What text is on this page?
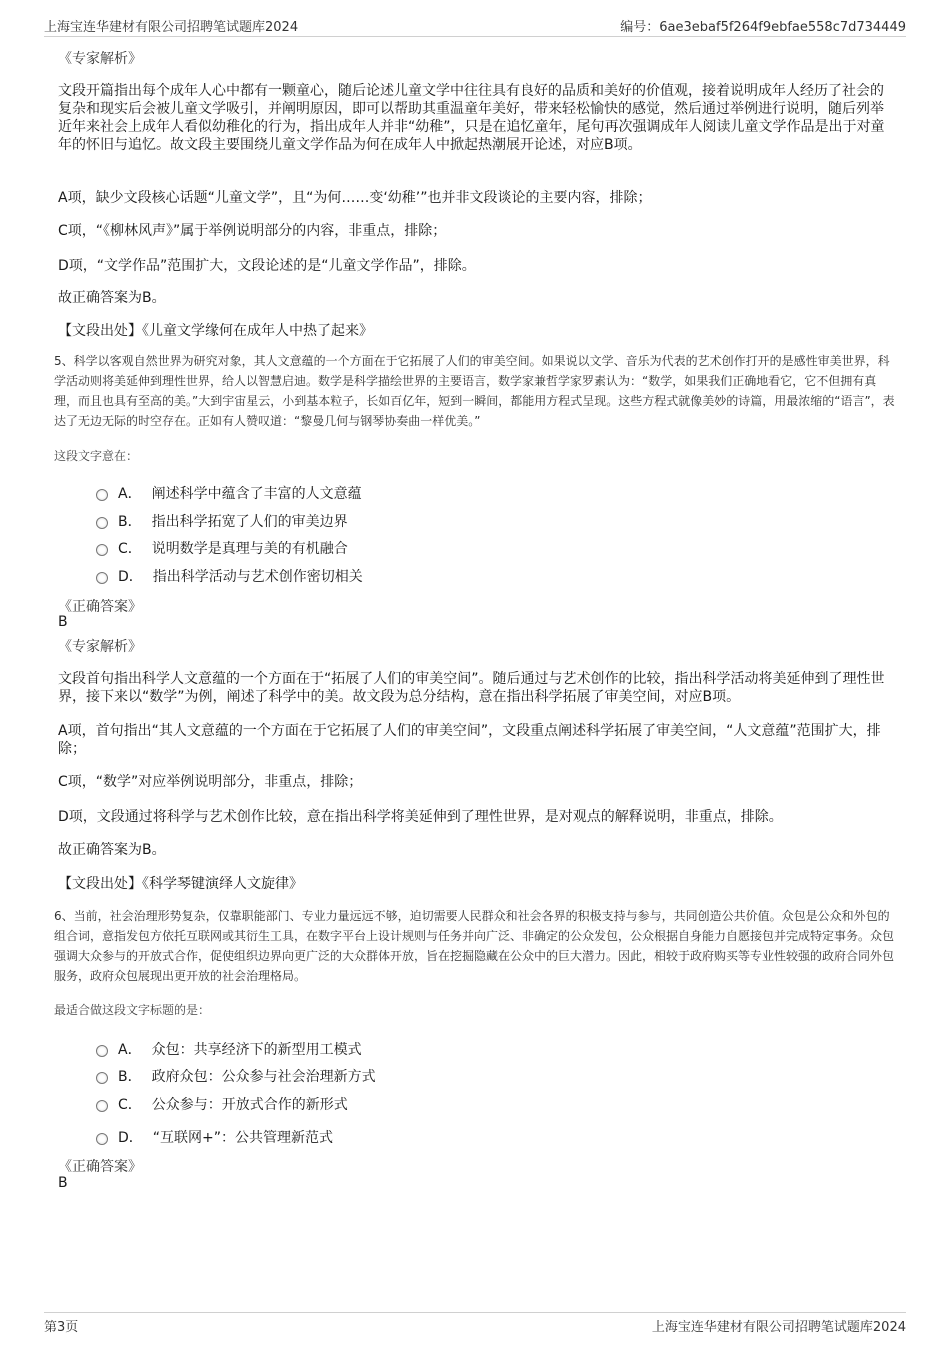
上海宝连华建材有限公司招聘笔试题库2024	编号：6ae3ebaf5f264f9ebfae558c7d734449
《专家解析》
文段开篇指出每个成年人心中都有一颗童心，随后论述儿童文学中往往具有良好的品质和美好的价值观，接着说明成年人经历了社会的复杂和现实后会被儿童文学吸引，并阐明原因，即可以帮助其重温童年美好，带来轻松愉快的感觉，然后通过举例进行说明，随后列举近年来社会上成年人看似幼稚化的行为，指出成年人并非“幼稚”，只是在追忆童年，尾句再次强调成年人阅读儿童文学作品是出于对童年的怀旧与追忆。故文段主要围绕儿童文学作品为何在成年人中掀起热潮展开论述，对应B项。
A项，缺少文段核心话题“儿童文学”，且“为何……变‘幼稚’”也并非文段谈论的主要内容，排除；
C项，“《柳林风声》”属于举例说明部分的内容，非重点，排除；
D项，“文学作品”范围扩大，文段论述的是“儿童文学作品”，排除。
故正确答案为B。
【文段出处】《儿童文学缘何在成年人中热了起来》
5、科学以客观自然世界为研究对象，其人文意蕴的一个方面在于它拓展了人们的审美空间。如果说以文学、音乐为代表的艺术创作打开的是感性审美世界，科学活动则将美延伸到理性世界，给人以智慧启迪。数学是科学描绘世界的主要语言，数学家兼哲学家罗素认为：“数学，如果我们正确地看它，它不但拥有真理，而且也具有至高的美。”大到宇宙星云，小到基本粒子，长如百亿年，短到一瞬间，都能用方程式呈现。这些方程式就像美妙的诗篇，用最浓缩的“语言”，表达了无边无际的时空存在。正如有人赞叹道：“黎曼几何与钢琴协奏曲一样优美。”
这段文字意在：
A． 阐述科学中蕴含了丰富的人文意蕴
B． 指出科学拓宽了人们的审美边界
C． 说明数学是真理与美的有机融合
D． 指出科学活动与艺术创作密切相关
《正确答案》
B
《专家解析》
文段首句指出科学人文意蕴的一个方面在于“拓展了人们的审美空间”。随后通过与艺术创作的比较，指出科学活动将美延伸到了理性世界，接下来以“数学”为例，阐述了科学中的美。故文段为总分结构，意在指出科学拓展了审美空间，对应B项。
A项，首句指出“其人文意蕴的一个方面在于它拓展了人们的审美空间”，文段重点阐述科学拓展了审美空间，“人文意蕴”范围扩大，排除；
C项，“数学”对应举例说明部分，非重点，排除；
D项，文段通过将科学与艺术创作比较，意在指出科学将美延伸到了理性世界，是对观点的解释说明，非重点，排除。
故正确答案为B。
【文段出处】《科学琴键演绎人文旋律》
6、当前，社会治理形势复杂，仅靠职能部门、专业力量远远不够，迫切需要人民群众和社会各界的积极支持与参与，共同创造公共价值。众包是公众和外包的组合词，意指发包方依托互联网或其衍生工具，在数字平台上设计规则与任务并向广泛、非确定的公众发包，公众根据自身能力自愿接包并完成特定事务。众包强调大众参与的开放式合作，促使组织边界向更广泛的大众群体开放，旨在挖掘隐藏在公众中的巨大潜力。因此，相较于政府购买等专业性较强的政府合同外包服务，政府众包展现出更开放的社会治理格局。
最适合做这段文字标题的是：
A． 众包：共享经济下的新型用工模式
B． 政府众包：公众参与社会治理新方式
C． 公众参与：开放式合作的新形式
D． “互联网+”：公共管理新范式
《正确答案》
B
第3页	上海宝连华建材有限公司招聘笔试题库2024
